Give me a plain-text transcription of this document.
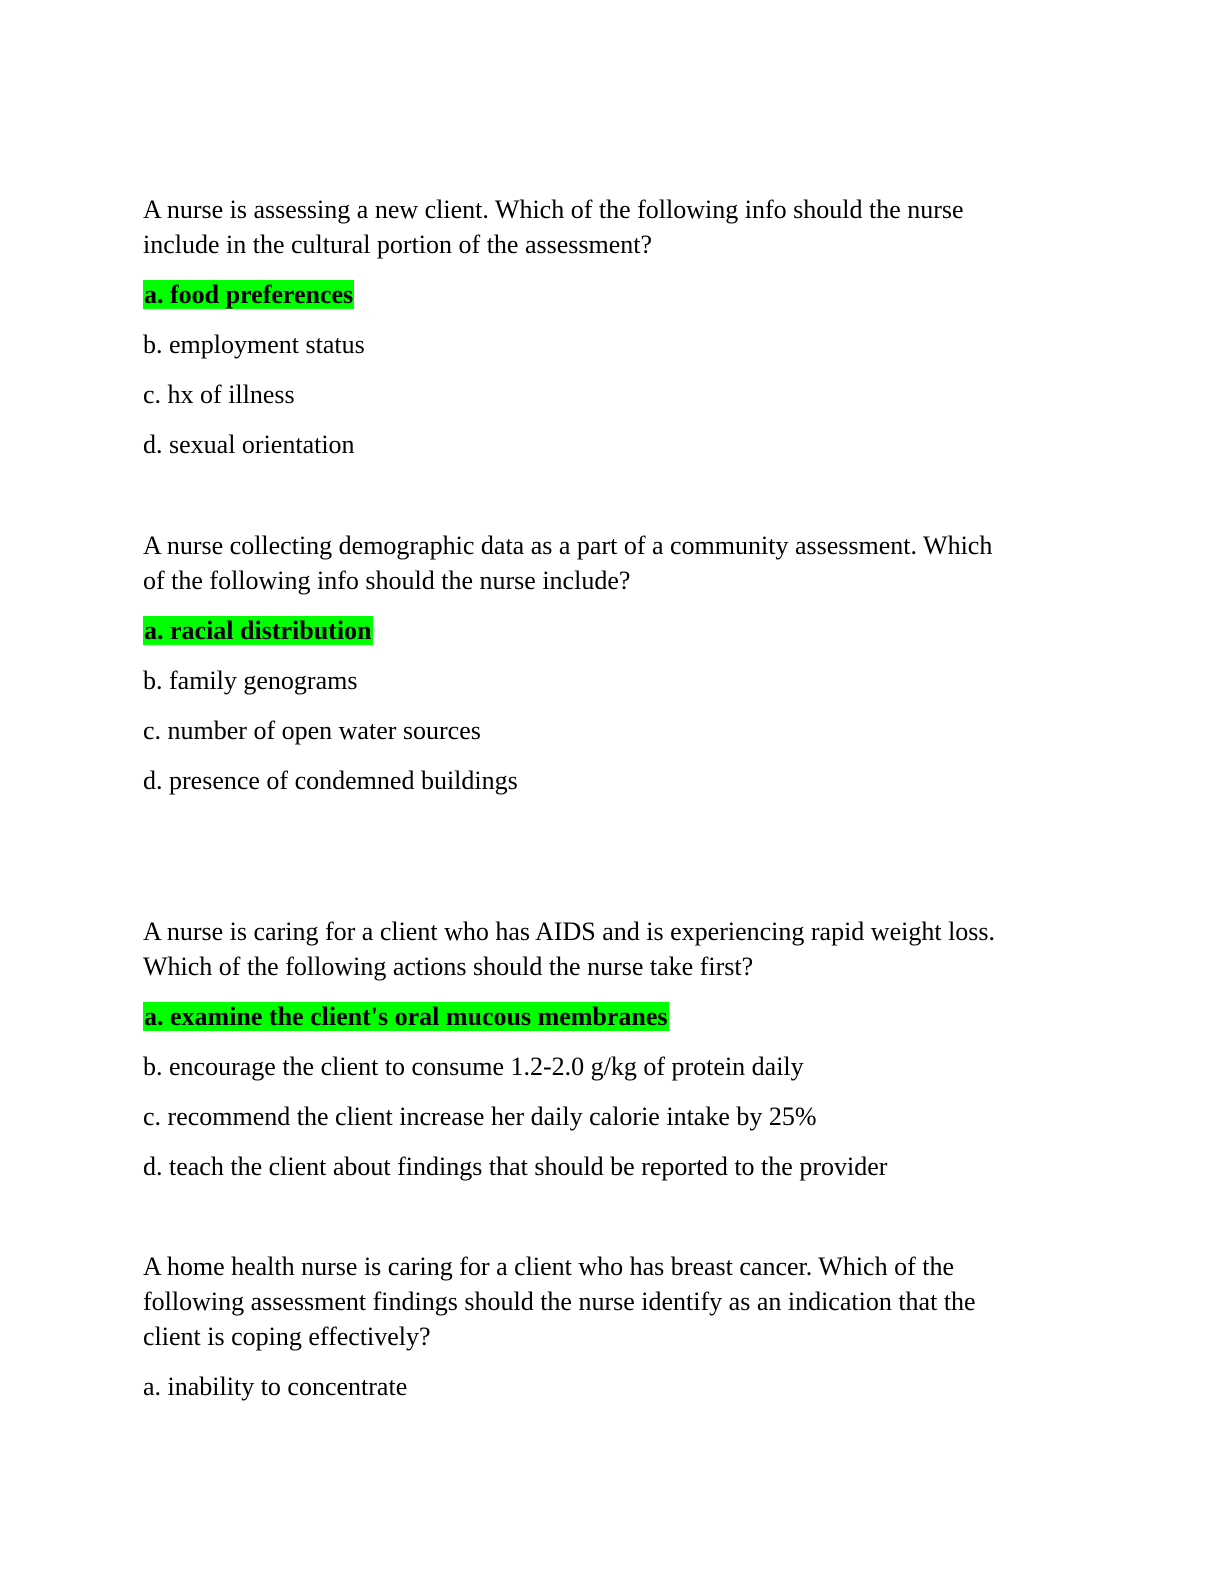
A nurse is assessing a new client. Which of the following info should the nurse
include in the cultural portion of the assessment?
a. food preferences
b. employment status
c. hx of illness
d. sexual orientation
A nurse collecting demographic data as a part of a community assessment. Which
of the following info should the nurse include?
a. racial distribution
b. family genograms
c. number of open water sources
d. presence of condemned buildings
A nurse is caring for a client who has AIDS and is experiencing rapid weight loss.
Which of the following actions should the nurse take first?
a. examine the client's oral mucous membranes
b. encourage the client to consume 1.2-2.0 g/kg of protein daily
c. recommend the client increase her daily calorie intake by 25%
d. teach the client about findings that should be reported to the provider
A home health nurse is caring for a client who has breast cancer. Which of the
following assessment findings should the nurse identify as an indication that the
client is coping effectively?
a. inability to concentrate
